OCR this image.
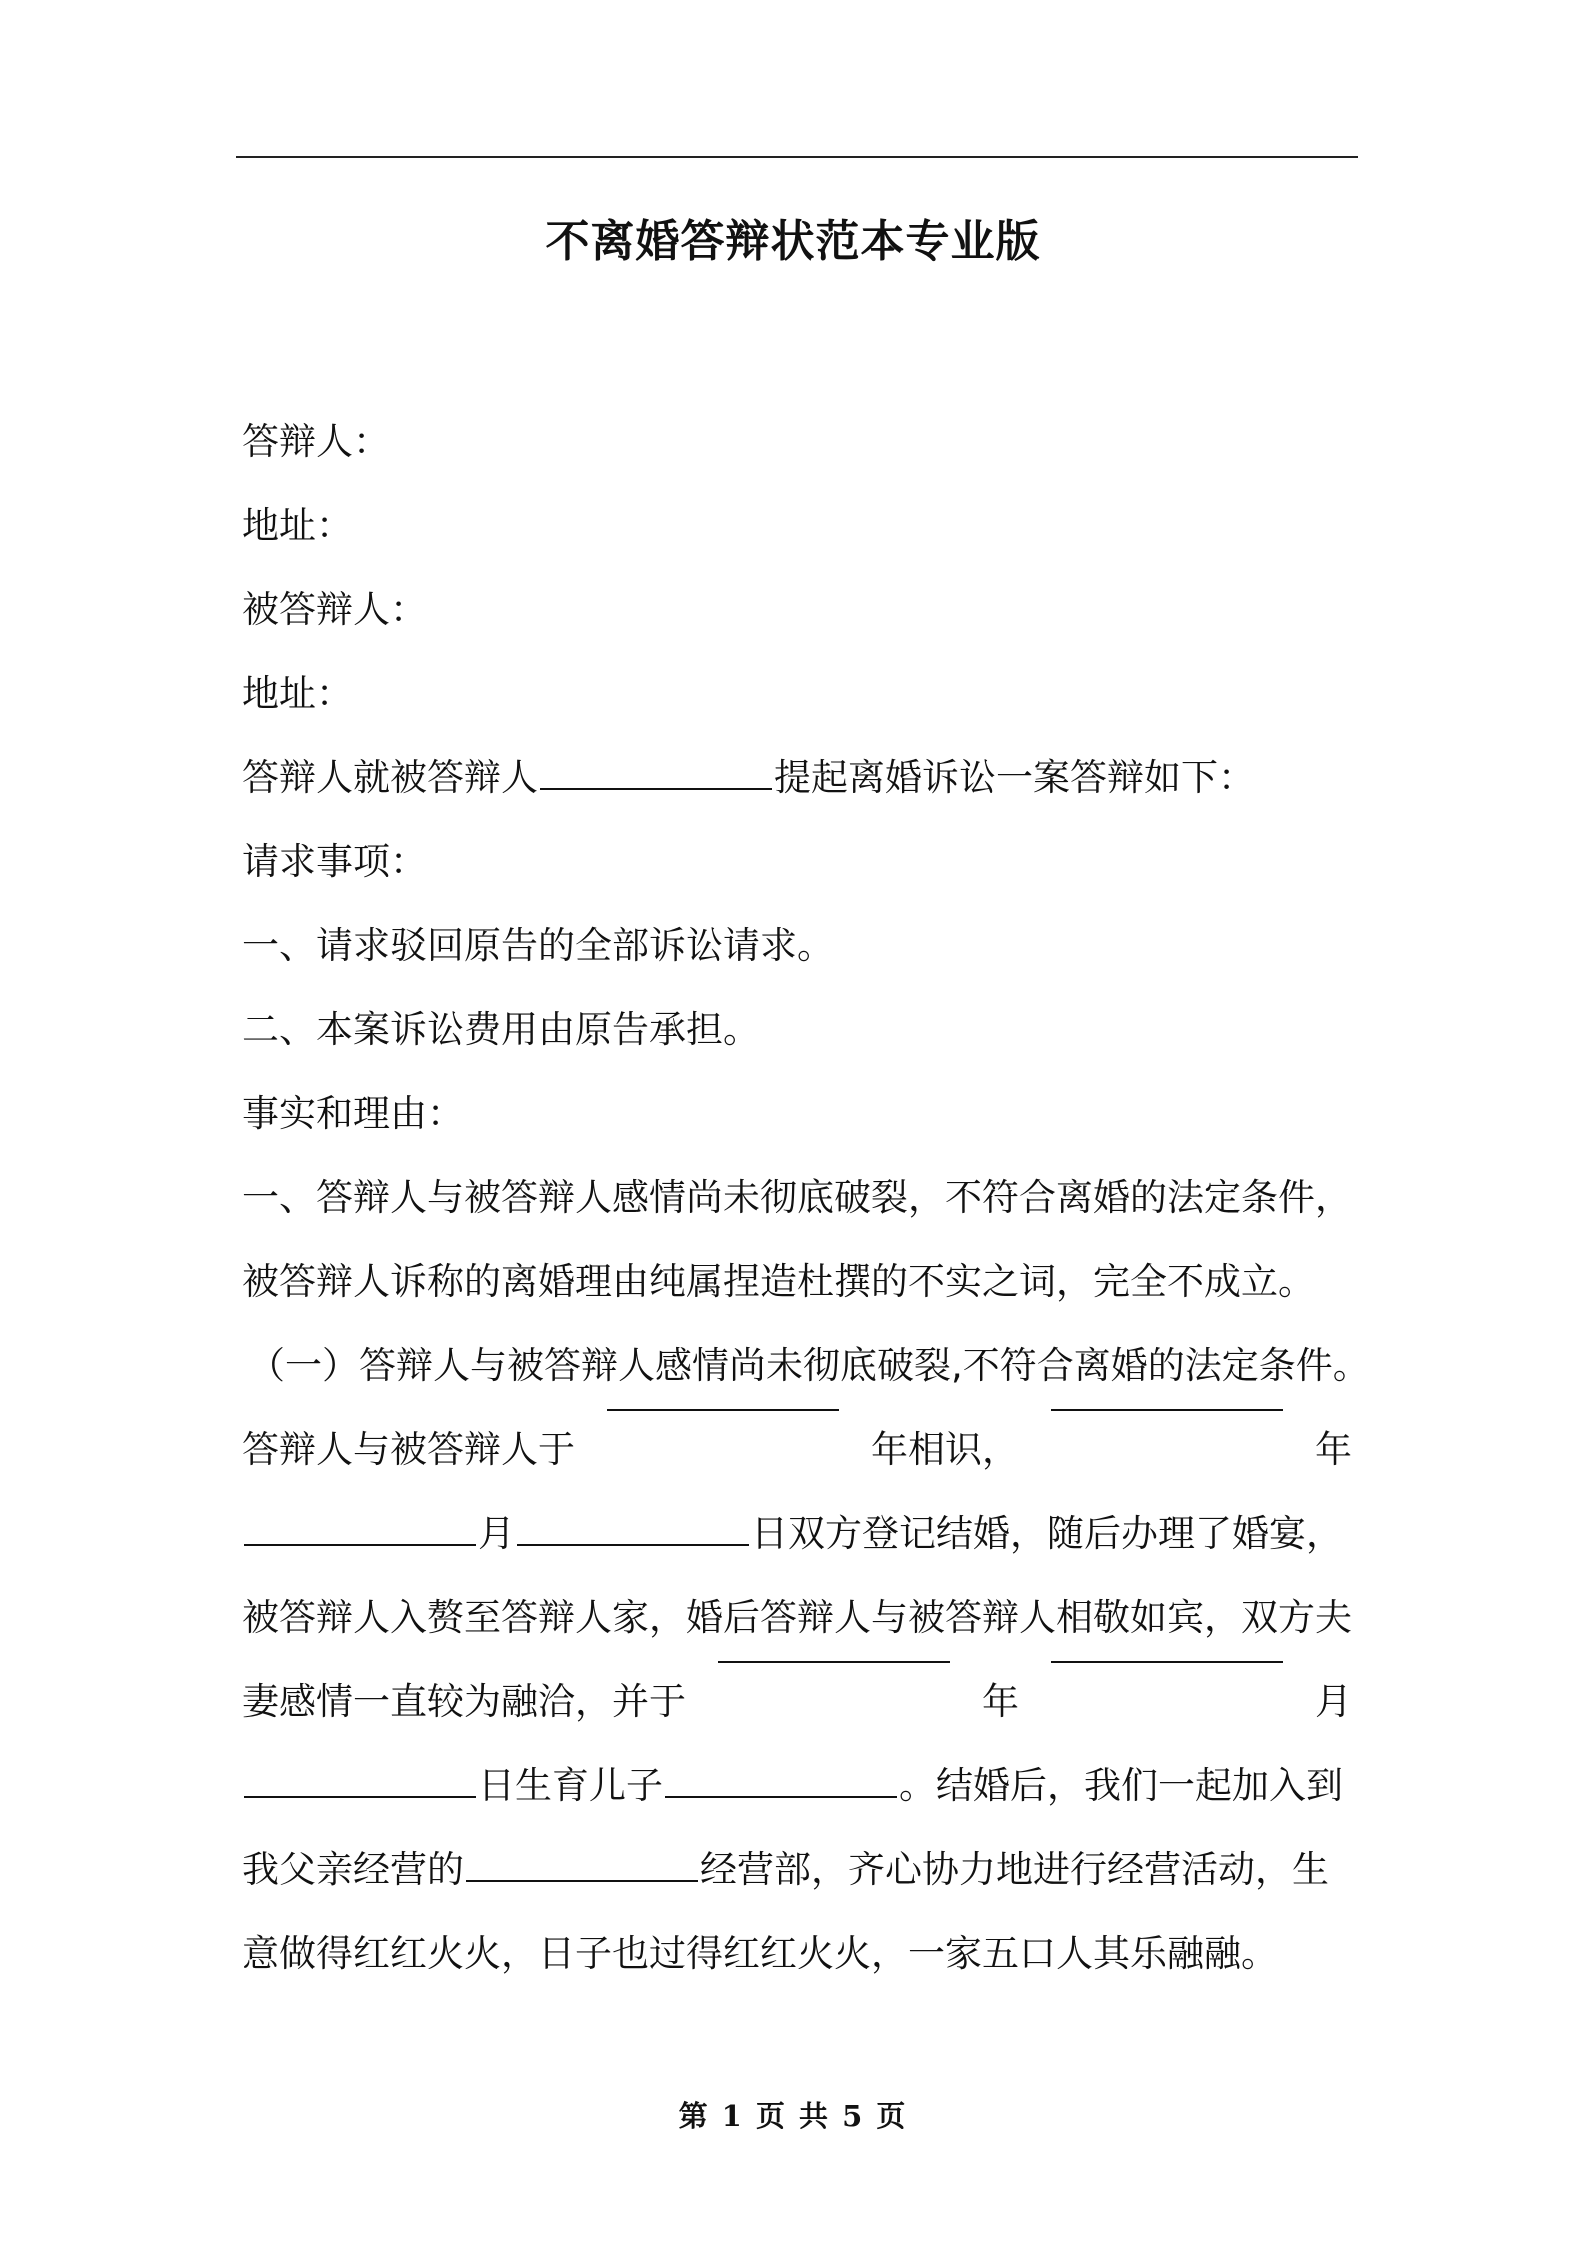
不离婚答辩状范本专业版
答辩人：
地址：
被答辩人：
地址：
答辩人就被答辩人	提起离婚诉讼一案答辩如下：
请求事项：
一、请求驳回原告的全部诉讼请求。
二、本案诉讼费用由原告承担。
事实和理由：
一、答辩人与被答辩人感情尚未彻底破裂，不符合离婚的法定条件，
被答辩人诉称的离婚理由纯属捏造杜撰的不实之词，完全不成立。
（一）答辩人与被答辩人感情尚未彻底破裂,不符合离婚的法定条件。
答辩人与被答辩人于	年相识，	年
月	日双方登记结婚，随后办理了婚宴，
被答辩人入赘至答辩人家，婚后答辩人与被答辩人相敬如宾，双方夫
妻感情一直较为融洽，并于	年	月
日生育儿子	。结婚后，我们一起加入到
我父亲经营的	经营部，齐心协力地进行经营活动，生
意做得红红火火，日子也过得红红火火，一家五口人其乐融融。
第 1 页 共 5 页
